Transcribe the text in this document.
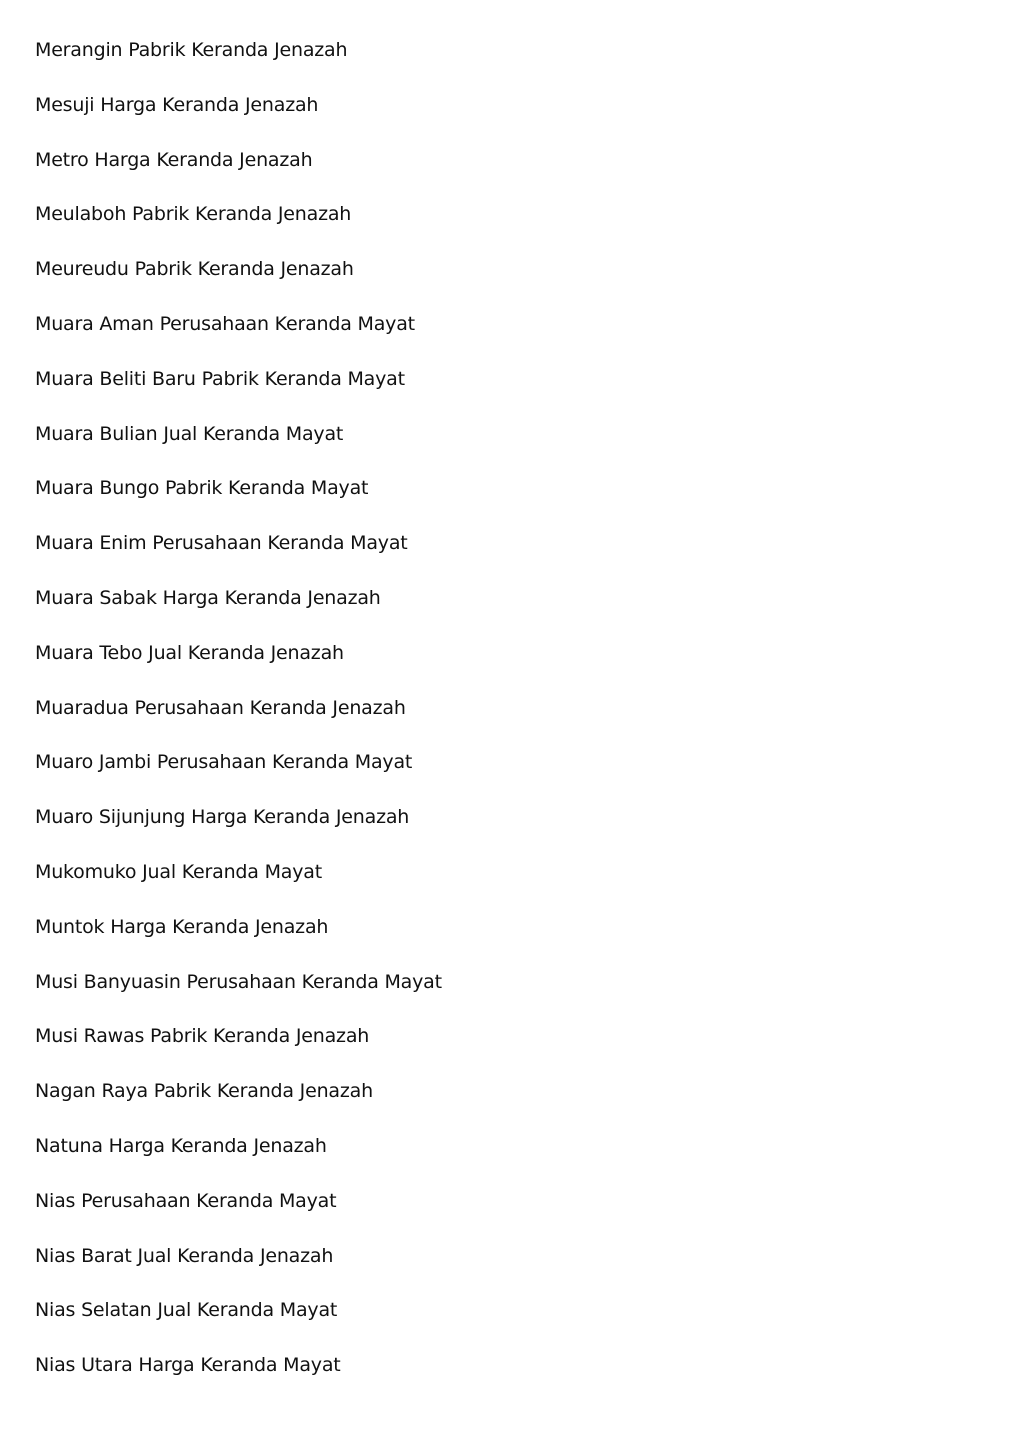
Merangin Pabrik Keranda Jenazah
Mesuji Harga Keranda Jenazah
Metro Harga Keranda Jenazah
Meulaboh Pabrik Keranda Jenazah
Meureudu Pabrik Keranda Jenazah
Muara Aman Perusahaan Keranda Mayat
Muara Beliti Baru Pabrik Keranda Mayat
Muara Bulian Jual Keranda Mayat
Muara Bungo Pabrik Keranda Mayat
Muara Enim Perusahaan Keranda Mayat
Muara Sabak Harga Keranda Jenazah
Muara Tebo Jual Keranda Jenazah
Muaradua Perusahaan Keranda Jenazah
Muaro Jambi Perusahaan Keranda Mayat
Muaro Sijunjung Harga Keranda Jenazah
Mukomuko Jual Keranda Mayat
Muntok Harga Keranda Jenazah
Musi Banyuasin Perusahaan Keranda Mayat
Musi Rawas Pabrik Keranda Jenazah
Nagan Raya Pabrik Keranda Jenazah
Natuna Harga Keranda Jenazah
Nias Perusahaan Keranda Mayat
Nias Barat Jual Keranda Jenazah
Nias Selatan Jual Keranda Mayat
Nias Utara Harga Keranda Mayat
